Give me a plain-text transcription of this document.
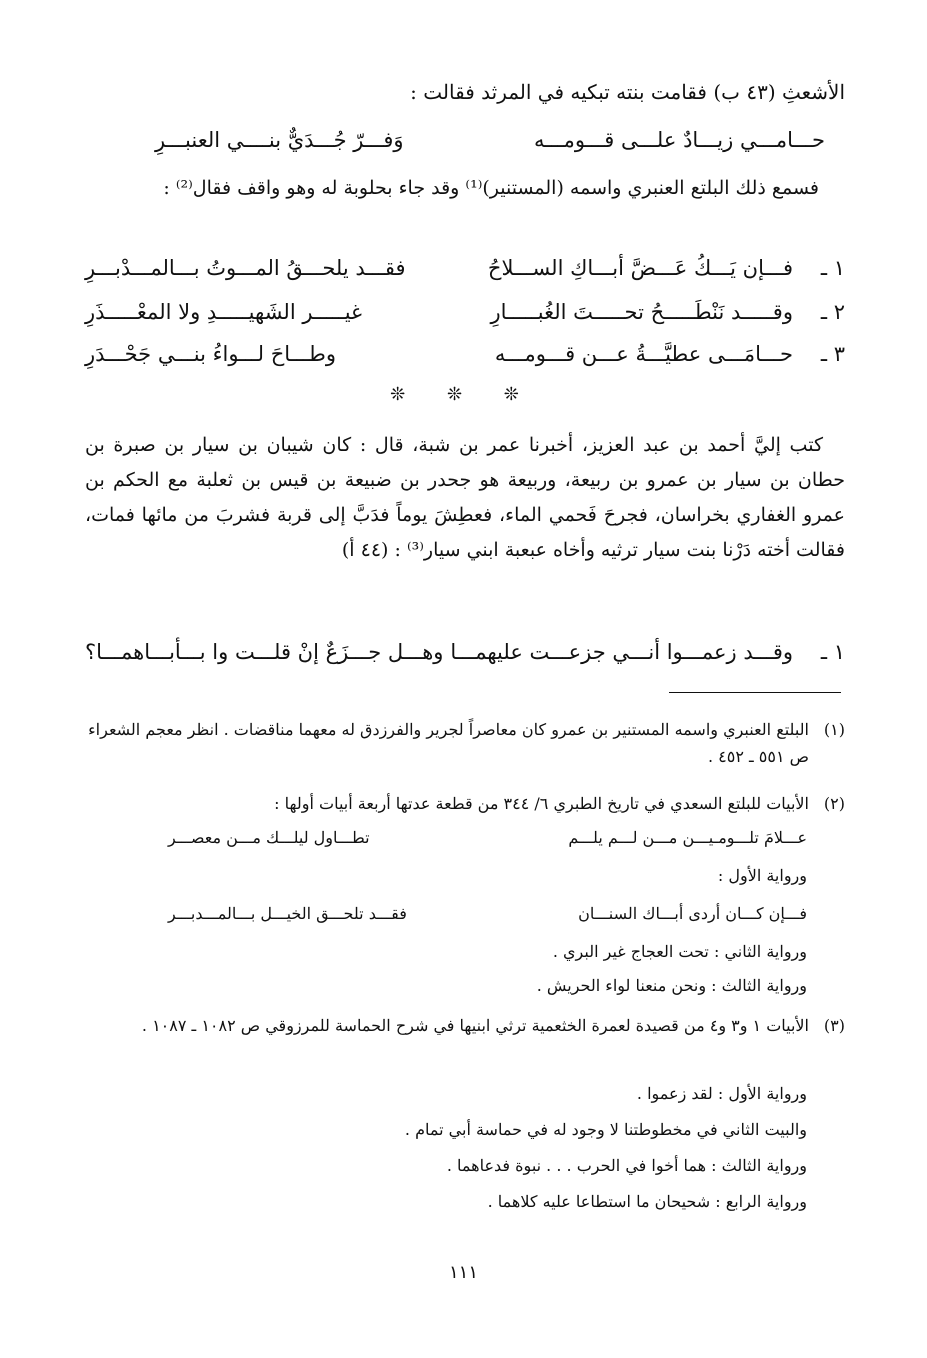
الأشعثِ (٤٣ ب) فقامت بنته تبكيه في المرثد فقالت :
حـــامـــي زيـــادٌ علـــى قـــومـــه
وَفـــرّ جُـــدَيٌّ بنــــي العنبـــرِ
فسمع ذلك البلتع العنبري واسمه (المستنير)⁽¹⁾ وقد جاء بحلوبة له وهو واقف فقال⁽²⁾ :
١ ـ
فـــإن يَـــكُ عَـــضَّ أبـــاكِ الســـلاحُ
فقـــد يلحـــقُ المـــوتُ بـــالمـــدْبـــرِ
٢ ـ
وقـــــد نَنْطَـــــحُ تحـــــتَ الغُبـــــارِ
غيـــــر الشَهيـــــدِ ولا المعْـــــذَرِ
٣ ـ
حـــامَـــى عطيَّـــةُ عـــن قـــومـــه
وطـــاحَ لـــواءُ بنـــي جَحْـــدَرِ
❊ ❊ ❊
كتب إليَّ أحمد بن عبد العزيز، أخبرنا عمر بن شبة، قال : كان شيبان بن سيار بن صبرة بن حطان بن سيار بن عمرو بن ربيعة، وربيعة هو جحدر بن ضبيعة بن قيس بن ثعلبة مع الحكم بن عمرو الغفاري بخراسان، فجرحَ فَحمي الماء، فعطِشَ يوماً فدَبَّ إلى قربة فشربَ من مائها فمات، فقالت أخته دَرْنا بنت سيار ترثيه وأخاه عبعبة ابني سيار⁽³⁾ : (٤٤ أ)
١ ـ
وقـــد زعمـــوا أنـــي جزعـــت عليهمـــا
وهـــل جـــزَعٌ إنْ قلـــت وا بـــأبـــاهمـــا؟
(١)
البلتع العنبري واسمه المستنير بن عمرو كان معاصراً لجرير والفرزدق له معهما مناقضات . انظر معجم الشعراء ص ٥٥١ ـ ٤٥٢ .
(٢)
الأبيات للبلتع السعدي في تاريخ الطبري ٦/ ٣٤٤ من قطعة عدتها أربعة أبيات أولها :
عـــلامَ تلـــومـيـــن مـــن لـــم يلـــم
تطـــاول ليلـــك مـــن معصـــر
ورواية الأول :
فـــإن كـــان أردى أبـــاك السنـــان
فقـــد تلحـــق الخيـــل بـــالمـــدبـــر
ورواية الثاني : تحت العجاج غير البري .
ورواية الثالث : ونحن منعنا لواء الحريش .
(٣)
الأبيات ١ و٣ و٤ من قصيدة لعمرة الخثعمية ترثي ابنيها في شرح الحماسة للمرزوقي ص ١٠٨٢ ـ ١٠٨٧ .
ورواية الأول : لقد زعموا .
والبيت الثاني في مخطوطتنا لا وجود له في حماسة أبي تمام .
ورواية الثالث : هما أخوا في الحرب . . . نبوة فدعاهما .
ورواية الرابع : شحيحان ما استطاعا عليه كلاهما .
١١١
